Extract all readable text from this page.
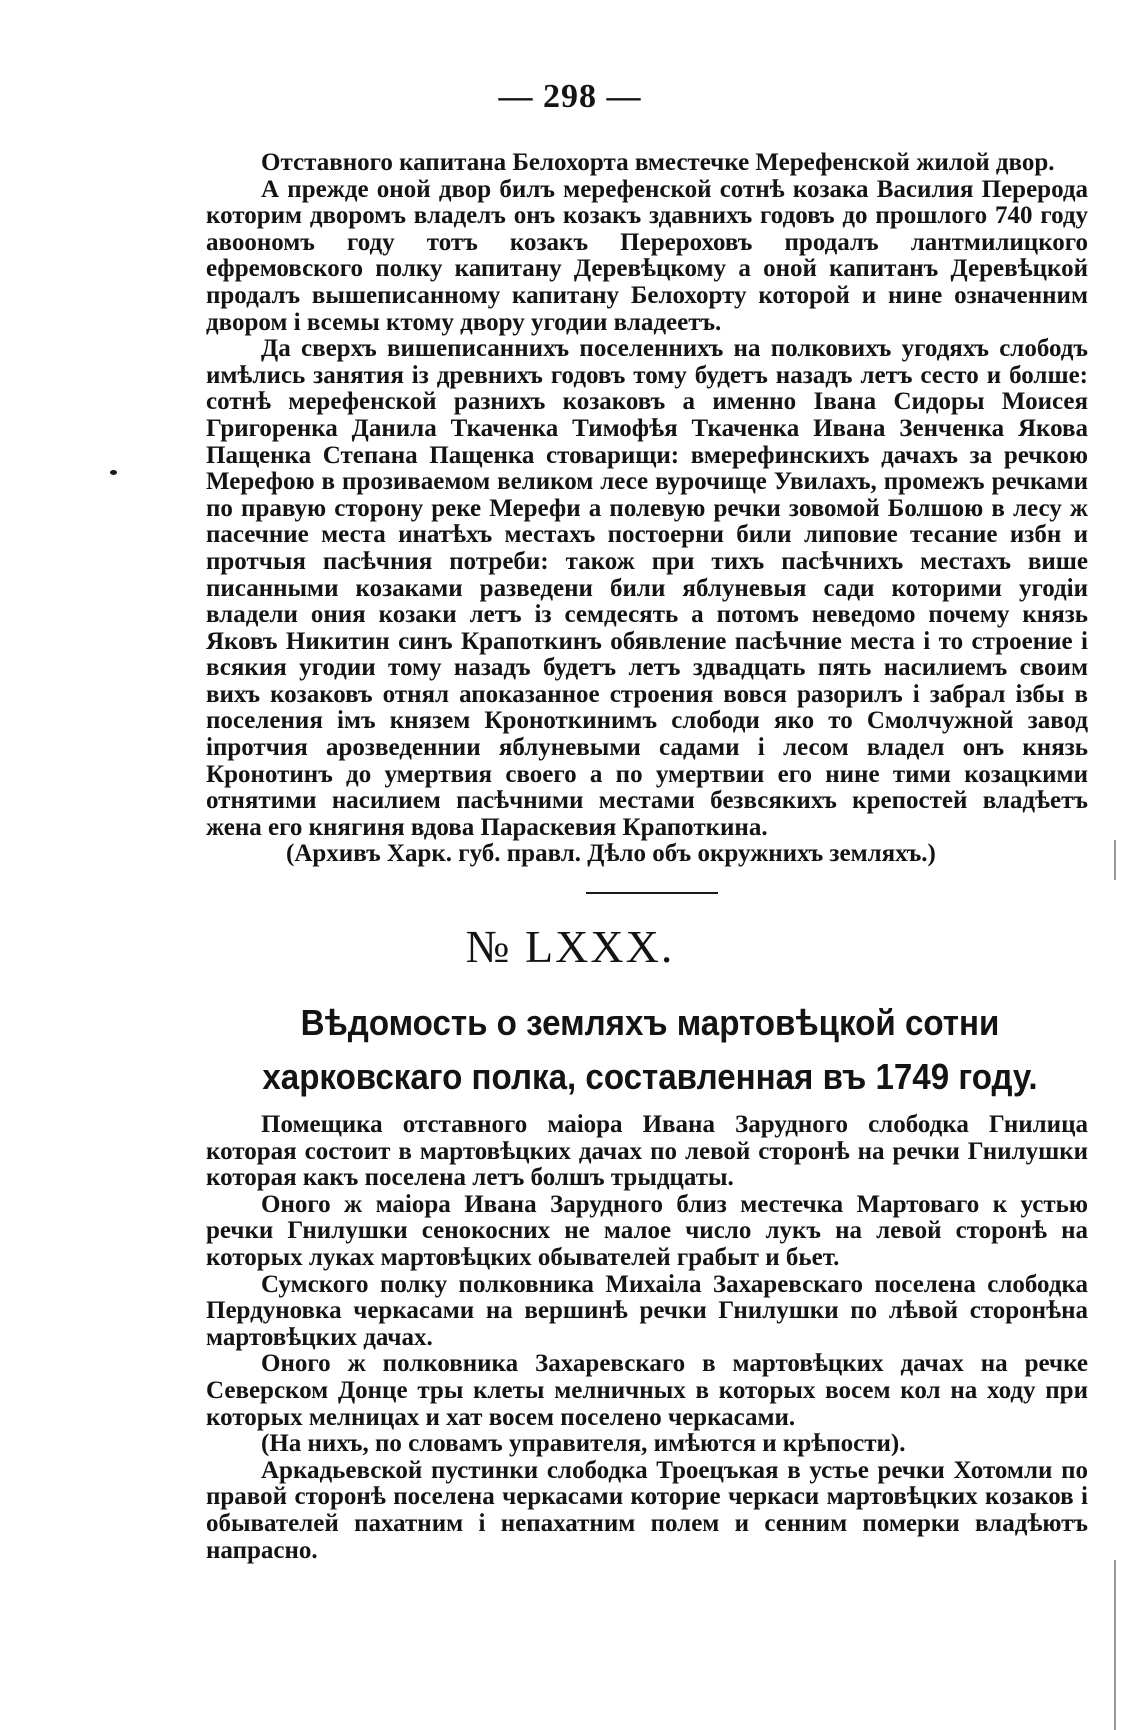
— 298 —

Отставного капитана Белохорта вместечке Мерефенской жилой двор.

А прежде оной двор билъ мерефенской сотнѣ козака Василия Перерода которим дворомъ владелъ онъ козакъ здавнихъ годовъ до прошлого 740 году авоономъ году тотъ козакъ Перероховъ продалъ лантмилицкого ефремовского полку капитану Деревѣцкому а оной капитанъ Деревѣцкой продалъ вышеписанному капитану Белохорту которой и нине означенним двором i всемы ктому двору угодии владеетъ.

Да сверхъ вишеписаннихъ поселеннихъ на полковихъ угодяхъ слободъ имѣлись занятия із древнихъ годовъ тому будетъ назадъ летъ сесто и болше: сотнѣ мерефенской разнихъ козаковъ а именно Івана Сидоры Моисея Григоренка Данила Ткаченка Тимофѣя Ткаченка Ивана Зенченка Якова Пащенка Степана Пащенка стоварищи: вмерефинскихъ дачахъ за речкою Мерефою в прозиваемом великом лесе вурочище Увилахъ, промежъ речками по правую сторону реке Мерефи а полевую речки зовомой Болшою в лесу ж пасечние места инатѣхъ местахъ постоерни били липовие тесание избн и протчыя пасѣчния потреби: також при тихъ пасѣчнихъ местахъ више писанными козаками разведени били яблуневыя сади которими угодіи владели ония козаки летъ із семдесять а потомъ неведомо почему князь Яковъ Никитин синъ Крапоткинъ обявление пасѣчние места і то строение і всякия угодии тому назадъ будетъ летъ здвадцать пять насилиемъ своим вихъ козаковъ отнял апоказанное строения вовся разорилъ і забрал ізбы в поселения імъ князем Кроноткинимъ слободи яко то Смолчужной завод іпротчия арозведеннии яблуневыми садами і лесом владел онъ князь Кронотинъ до умертвия своего а по умертвии его нине тими козацкими отнятими насилием пасѣчними местами безвсякихъ крепостей владѣетъ жена его княгиня вдова Параскевия Крапоткина.

(Архивъ Харк. губ. правл. Дѣло объ окружнихъ земляхъ.)

№ LXXX.
Вѣдомость о земляхъ мартовѣцкой сотни харковскаго полка, составленная въ 1749 году.

Помещика отставного маіора Ивана Зарудного слободка Гнилица которая состоит в мартовѣцких дачах по левой сторонѣ на речки Гнилушки которая какъ поселена летъ болшъ трыдцаты.

Оного ж маіора Ивана Зарудного близ местечка Мартоваго к устью речки Гнилушки сенокосних не малое число лукъ на левой сторонѣ на которых луках мартовѣцких обывателей грабыт и бьет.

Сумского полку полковника Михаіла Захаревскаго поселена слободка Пердуновка черкасами на вершинѣ речки Гнилушки по лѣвой сторонѣна мартовѣцких дачах.

Оного ж полковника Захаревскаго в мартовѣцких дачах на речке Северском Донце тры клеты мелничных в которых восем кол на ходу при которых мелницах и хат восем поселено черкасами.

(На нихъ, по словамъ управителя, имѣются и крѣпости).

Аркадьевской пустинки слободка Троецъкая в устье речки Хотомли по правой сторонѣ поселена черкасами которие черкаси мартовѣцких козаков і обывателей пахатним і непахатним полем и сенним померки владѣютъ напрасно.
